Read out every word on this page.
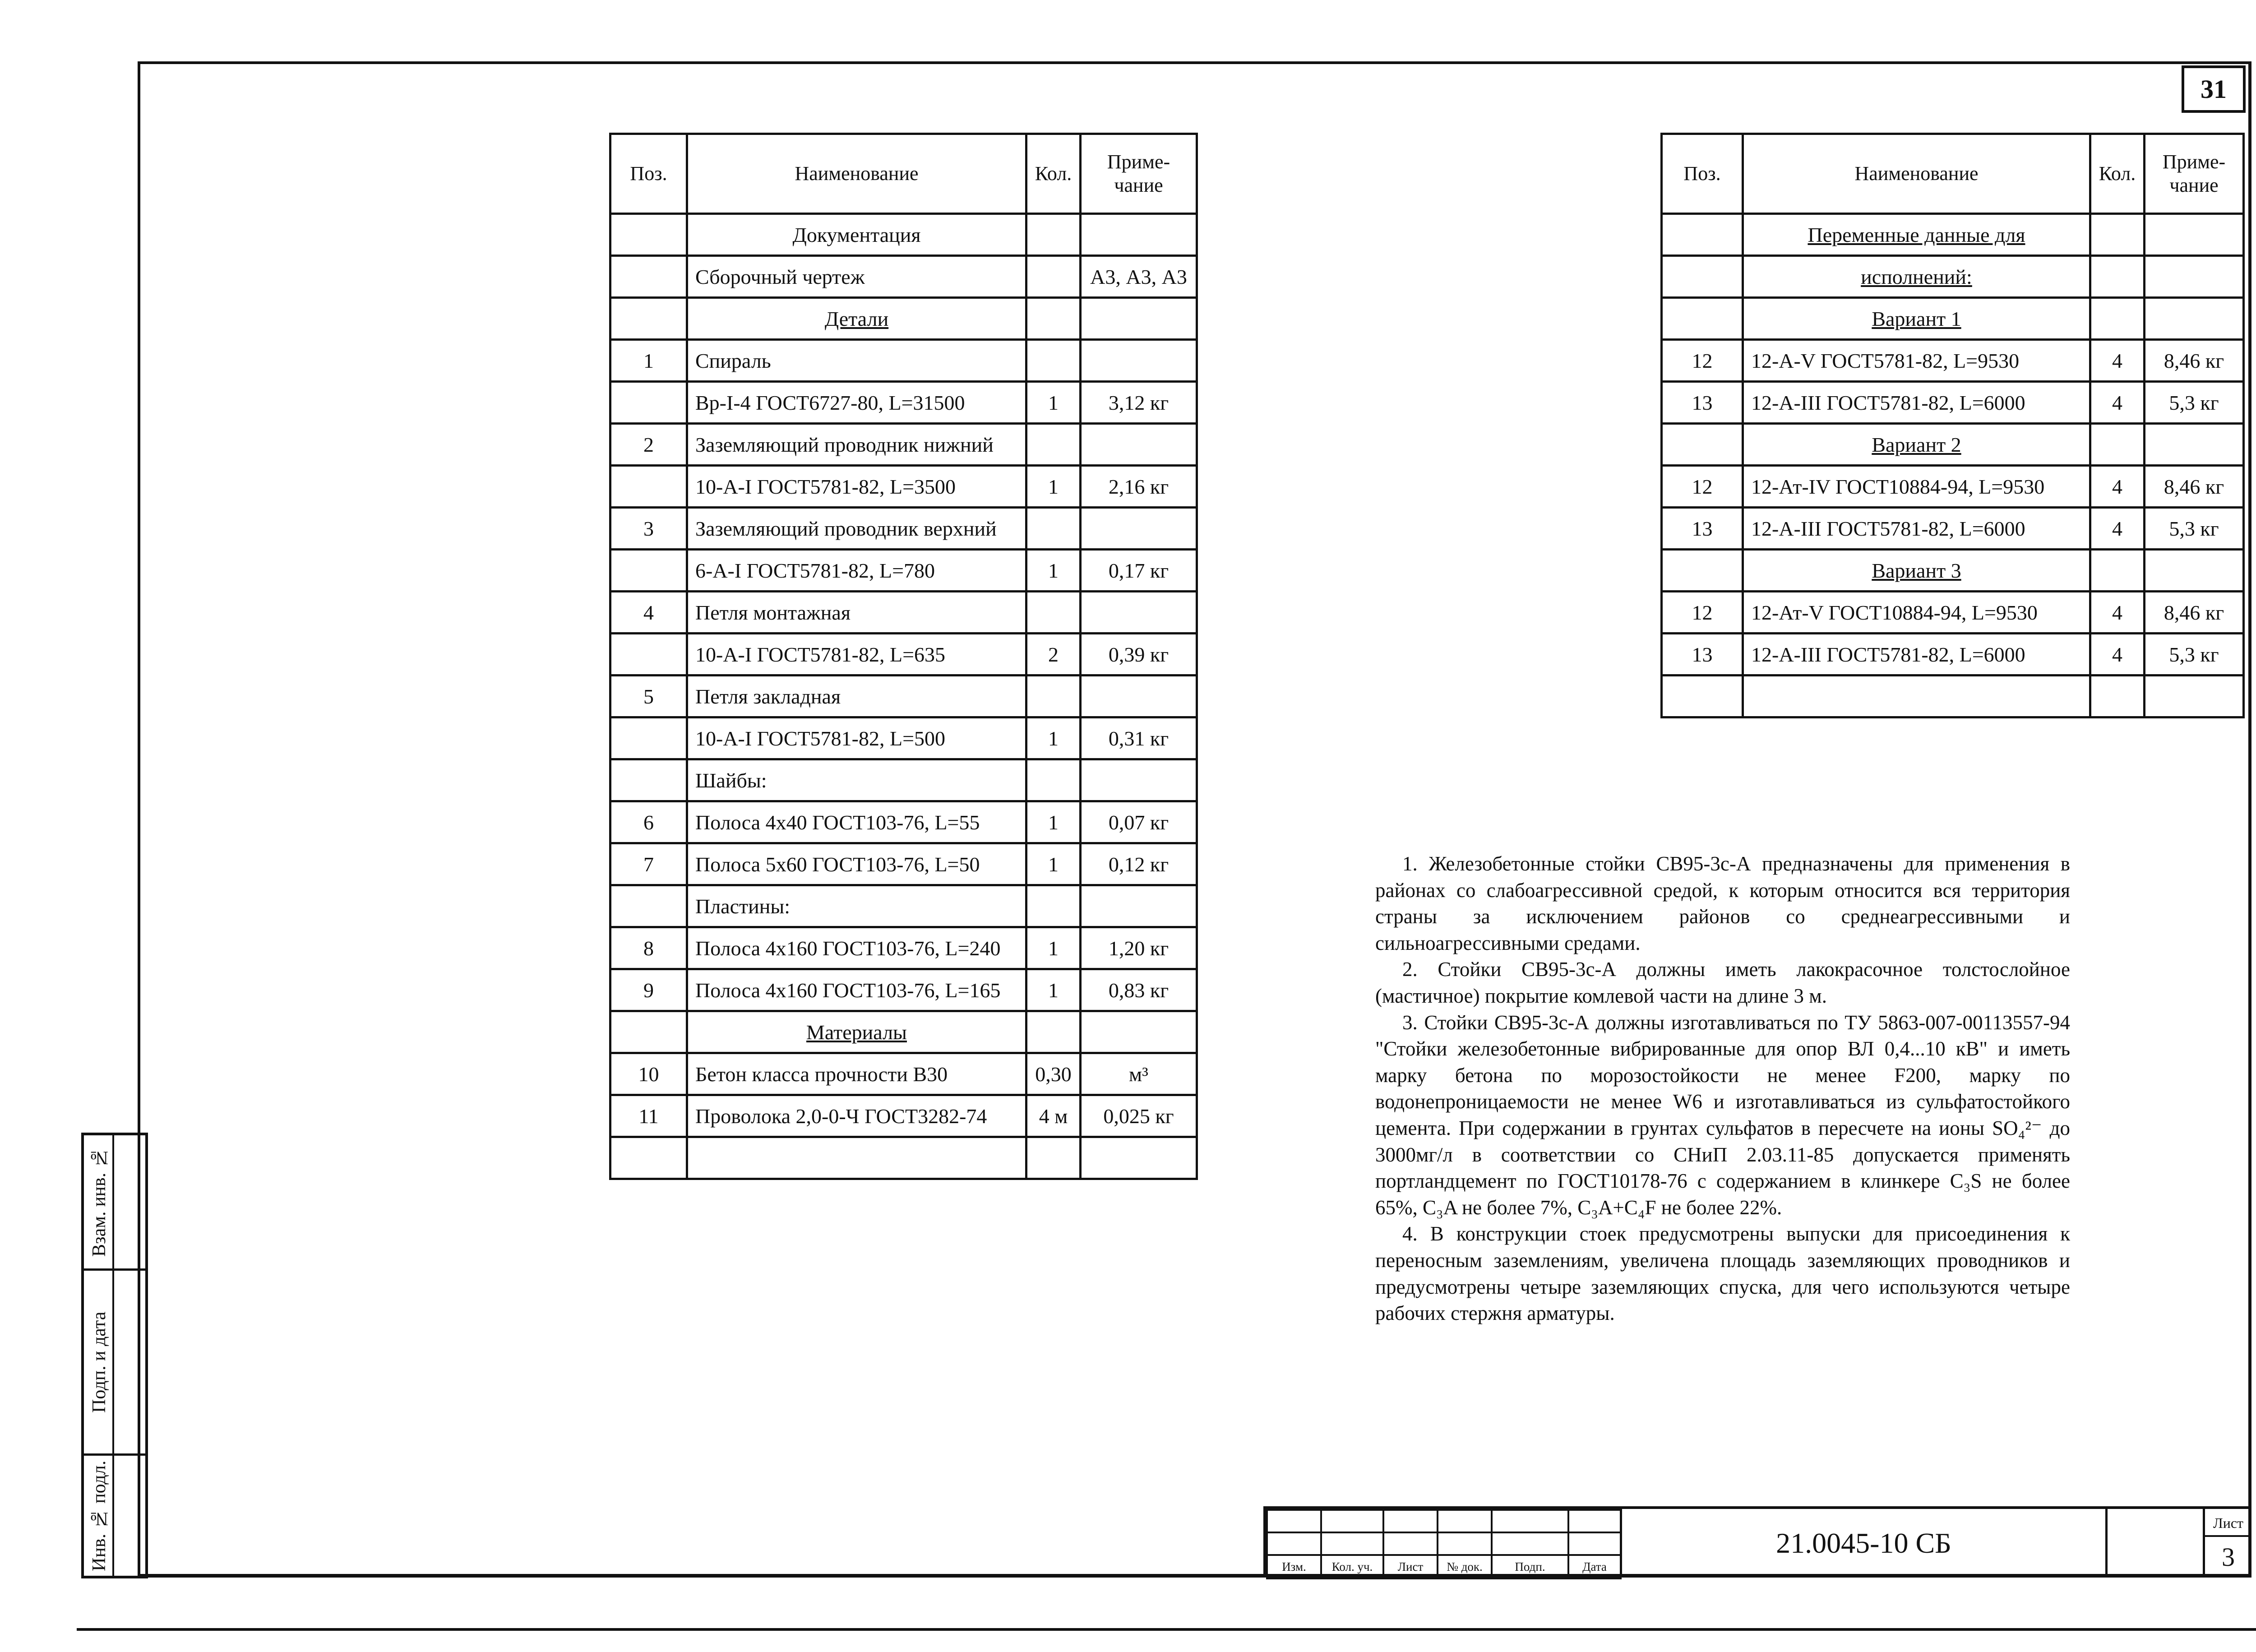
31
Поз.	Наименование	Кол.	Приме-
чание
	Документация		
	Сборочный чертеж		А3, А3, А3
	Детали		
1	Спираль		
	Вр-I-4 ГОСТ6727-80, L=31500	1	3,12 кг
2	Заземляющий проводник нижний		
	10-А-I ГОСТ5781-82, L=3500	1	2,16 кг
3	Заземляющий проводник верхний		
	6-А-I ГОСТ5781-82, L=780	1	0,17 кг
4	Петля монтажная		
	10-А-I ГОСТ5781-82, L=635	2	0,39 кг
5	Петля закладная		
	10-А-I ГОСТ5781-82, L=500	1	0,31 кг
	Шайбы:		
6	Полоса 4х40 ГОСТ103-76, L=55	1	0,07 кг
7	Полоса 5х60 ГОСТ103-76, L=50	1	0,12 кг
	Пластины:		
8	Полоса 4х160 ГОСТ103-76, L=240	1	1,20 кг
9	Полоса 4х160 ГОСТ103-76, L=165	1	0,83 кг
	Материалы		
10	Бетон класса прочности В30	0,30	м³
11	Проволока 2,0-0-Ч ГОСТ3282-74	4 м	0,025 кг

Поз.	Наименование	Кол.	Приме-
чание
	Переменные данные для		
	исполнений:		
	Вариант 1		
12	12-А-V ГОСТ5781-82, L=9530	4	8,46 кг
13	12-А-III ГОСТ5781-82, L=6000	4	5,3 кг
	Вариант 2		
12	12-Ат-IV ГОСТ10884-94, L=9530	4	8,46 кг
13	12-А-III ГОСТ5781-82, L=6000	4	5,3 кг
	Вариант 3		
12	12-Ат-V ГОСТ10884-94, L=9530	4	8,46 кг
13	12-А-III ГОСТ5781-82, L=6000	4	5,3 кг

1. Железобетонные стойки СВ95-3с-А предназначены для применения в районах со слабоагрессивной средой, к которым относится вся территория страны за исключением районов со среднеагрессивными и сильноагрессивными средами.

2. Стойки СВ95-3с-А должны иметь лакокрасочное толстослойное (мастичное) покрытие комлевой части на длине 3 м.

3. Стойки СВ95-3с-А должны изготавливаться по ТУ 5863-007-00113557-94 "Стойки железобетонные вибрированные для опор ВЛ 0,4...10 кВ" и иметь марку бетона по морозостойкости не менее F200, марку по водонепроницаемости не менее W6 и изготавливаться из сульфатостойкого цемента. При содержании в грунтах сульфатов в пересчете на ионы SO₄²⁻ до 3000мг/л в соответствии со СНиП 2.03.11-85 допускается применять портландцемент по ГОСТ10178-76 с содержанием в клинкере C₃S не более 65%, C₃A не более 7%, C₃A+C₄F не более 22%.

4. В конструкции стоек предусмотрены выпуски для присоединения к переносным заземлениям, увеличена площадь заземляющих проводников и предусмотрены четыре заземляющих спуска, для чего используются четыре рабочих стержня арматуры.

Взам. инв. №
Подп. и дата
Инв. № подл.

						Изм.	Кол. уч.	Лист	№ док.	Подп.	Дата
21.0045-10 СБ
Лист
3
